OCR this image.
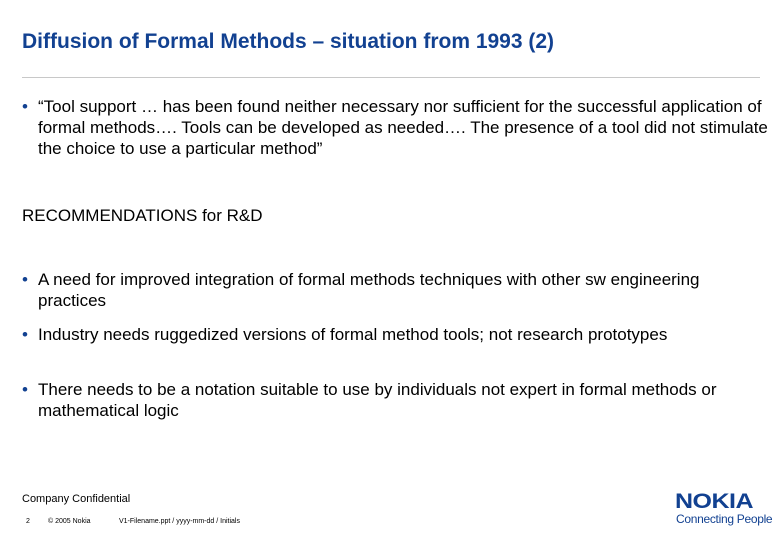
Diffusion of Formal Methods – situation from 1993 (2)
• “Tool support … has been found neither necessary nor sufficient for the successful application of formal methods…. Tools can be developed as needed…. The presence of a tool did not stimulate the choice to use a particular method”
RECOMMENDATIONS for R&D
• A need for improved integration of formal methods techniques with other sw engineering practices
• Industry needs ruggedized versions of formal method tools; not research prototypes
• There needs to be a notation suitable to use by individuals not expert in formal methods or mathematical logic
Company Confidential
2	© 2005 Nokia	V1-Filename.ppt / yyyy-mm-dd / Initials
NOKIA
Connecting People
